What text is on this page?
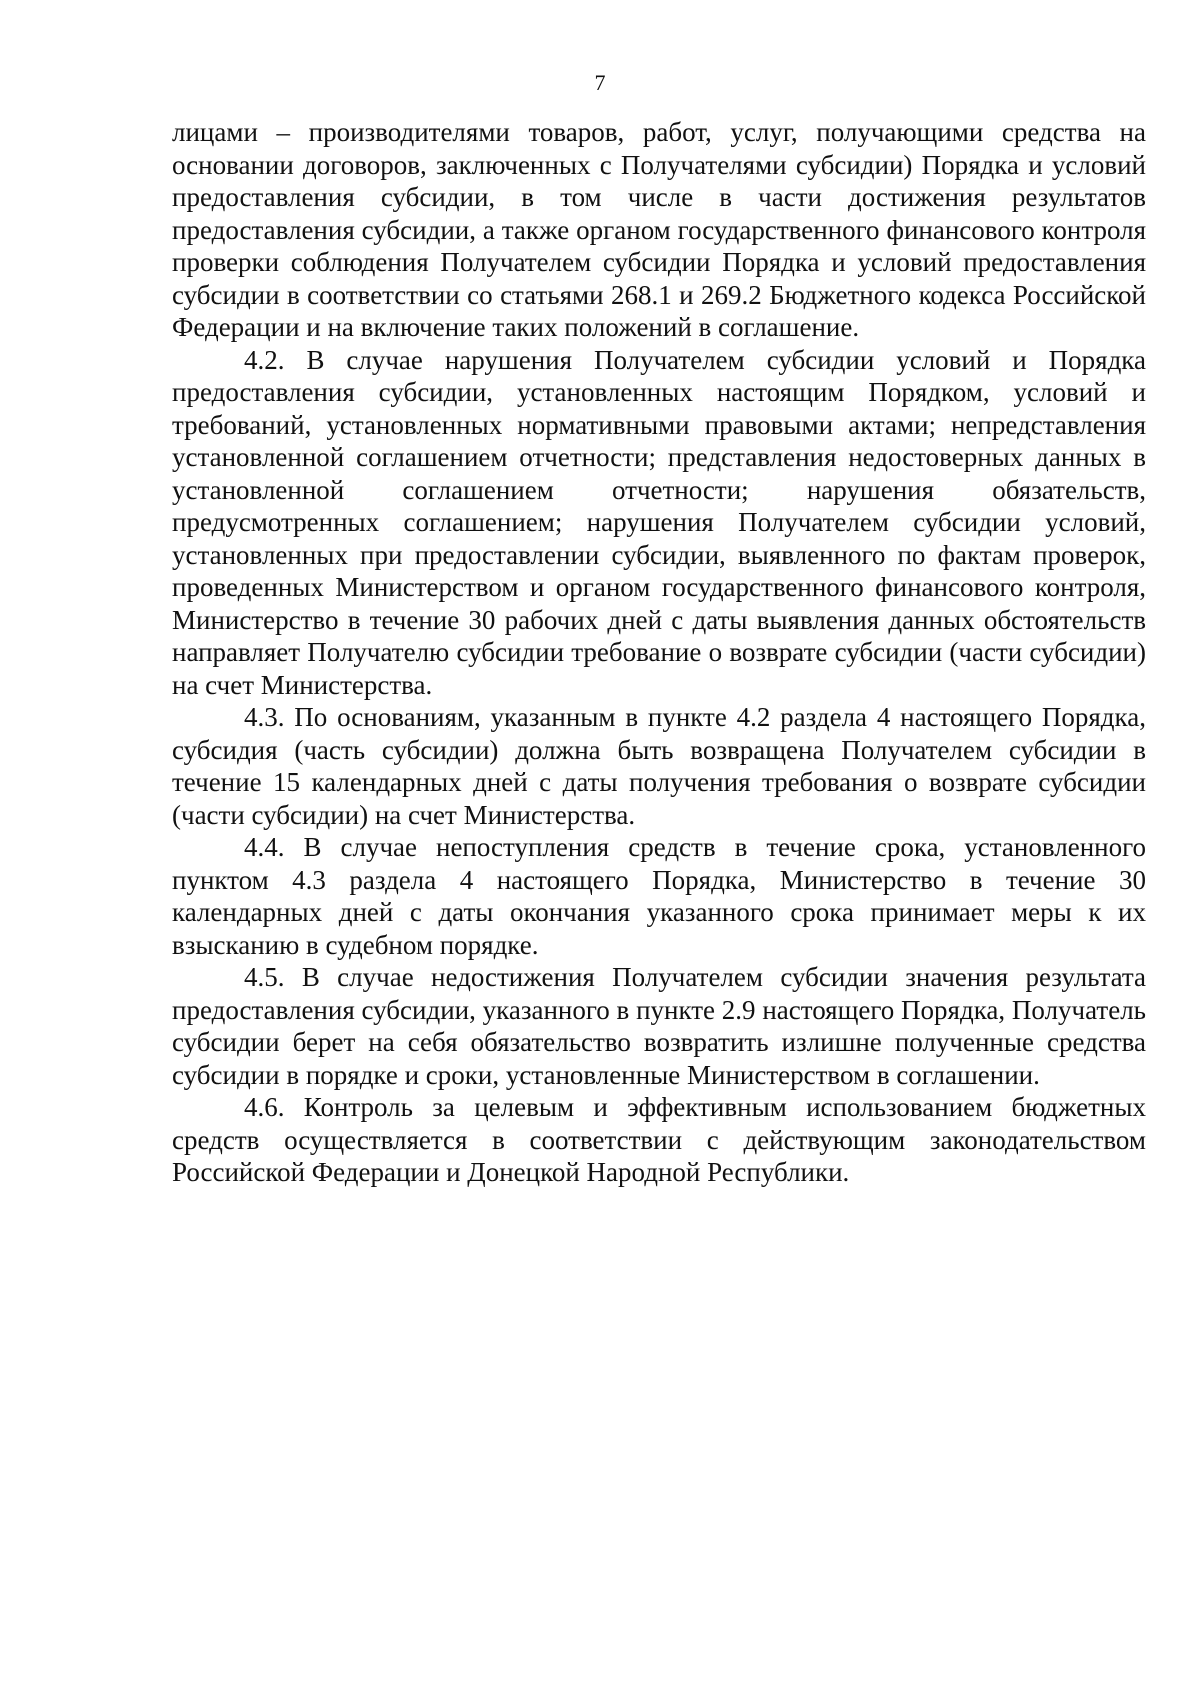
7

лицами – производителями товаров, работ, услуг, получающими средства на основании договоров, заключенных с Получателями субсидии) Порядка и условий предоставления субсидии, в том числе в части достижения результатов предоставления субсидии, а также органом государственного финансового контроля проверки соблюдения Получателем субсидии Порядка и условий предоставления субсидии в соответствии со статьями 268.1 и 269.2 Бюджетного кодекса Российской Федерации и на включение таких положений в соглашение.

4.2. В случае нарушения Получателем субсидии условий и Порядка предоставления субсидии, установленных настоящим Порядком, условий и требований, установленных нормативными правовыми актами; непредставления установленной соглашением отчетности; представления недостоверных данных в установленной соглашением отчетности; нарушения обязательств, предусмотренных соглашением; нарушения Получателем субсидии условий, установленных при предоставлении субсидии, выявленного по фактам проверок, проведенных Министерством и органом государственного финансового контроля, Министерство в течение 30 рабочих дней с даты выявления данных обстоятельств направляет Получателю субсидии требование о возврате субсидии (части субсидии) на счет Министерства.

4.3. По основаниям, указанным в пункте 4.2 раздела 4 настоящего Порядка, субсидия (часть субсидии) должна быть возвращена Получателем субсидии в течение 15 календарных дней с даты получения требования о возврате субсидии (части субсидии) на счет Министерства.

4.4. В случае непоступления средств в течение срока, установленного пунктом 4.3 раздела 4 настоящего Порядка, Министерство в течение 30 календарных дней с даты окончания указанного срока принимает меры к их взысканию в судебном порядке.

4.5. В случае недостижения Получателем субсидии значения результата предоставления субсидии, указанного в пункте 2.9 настоящего Порядка, Получатель субсидии берет на себя обязательство возвратить излишне полученные средства субсидии в порядке и сроки, установленные Министерством в соглашении.

4.6. Контроль за целевым и эффективным использованием бюджетных средств осуществляется в соответствии с действующим законодательством Российской Федерации и Донецкой Народной Республики.
